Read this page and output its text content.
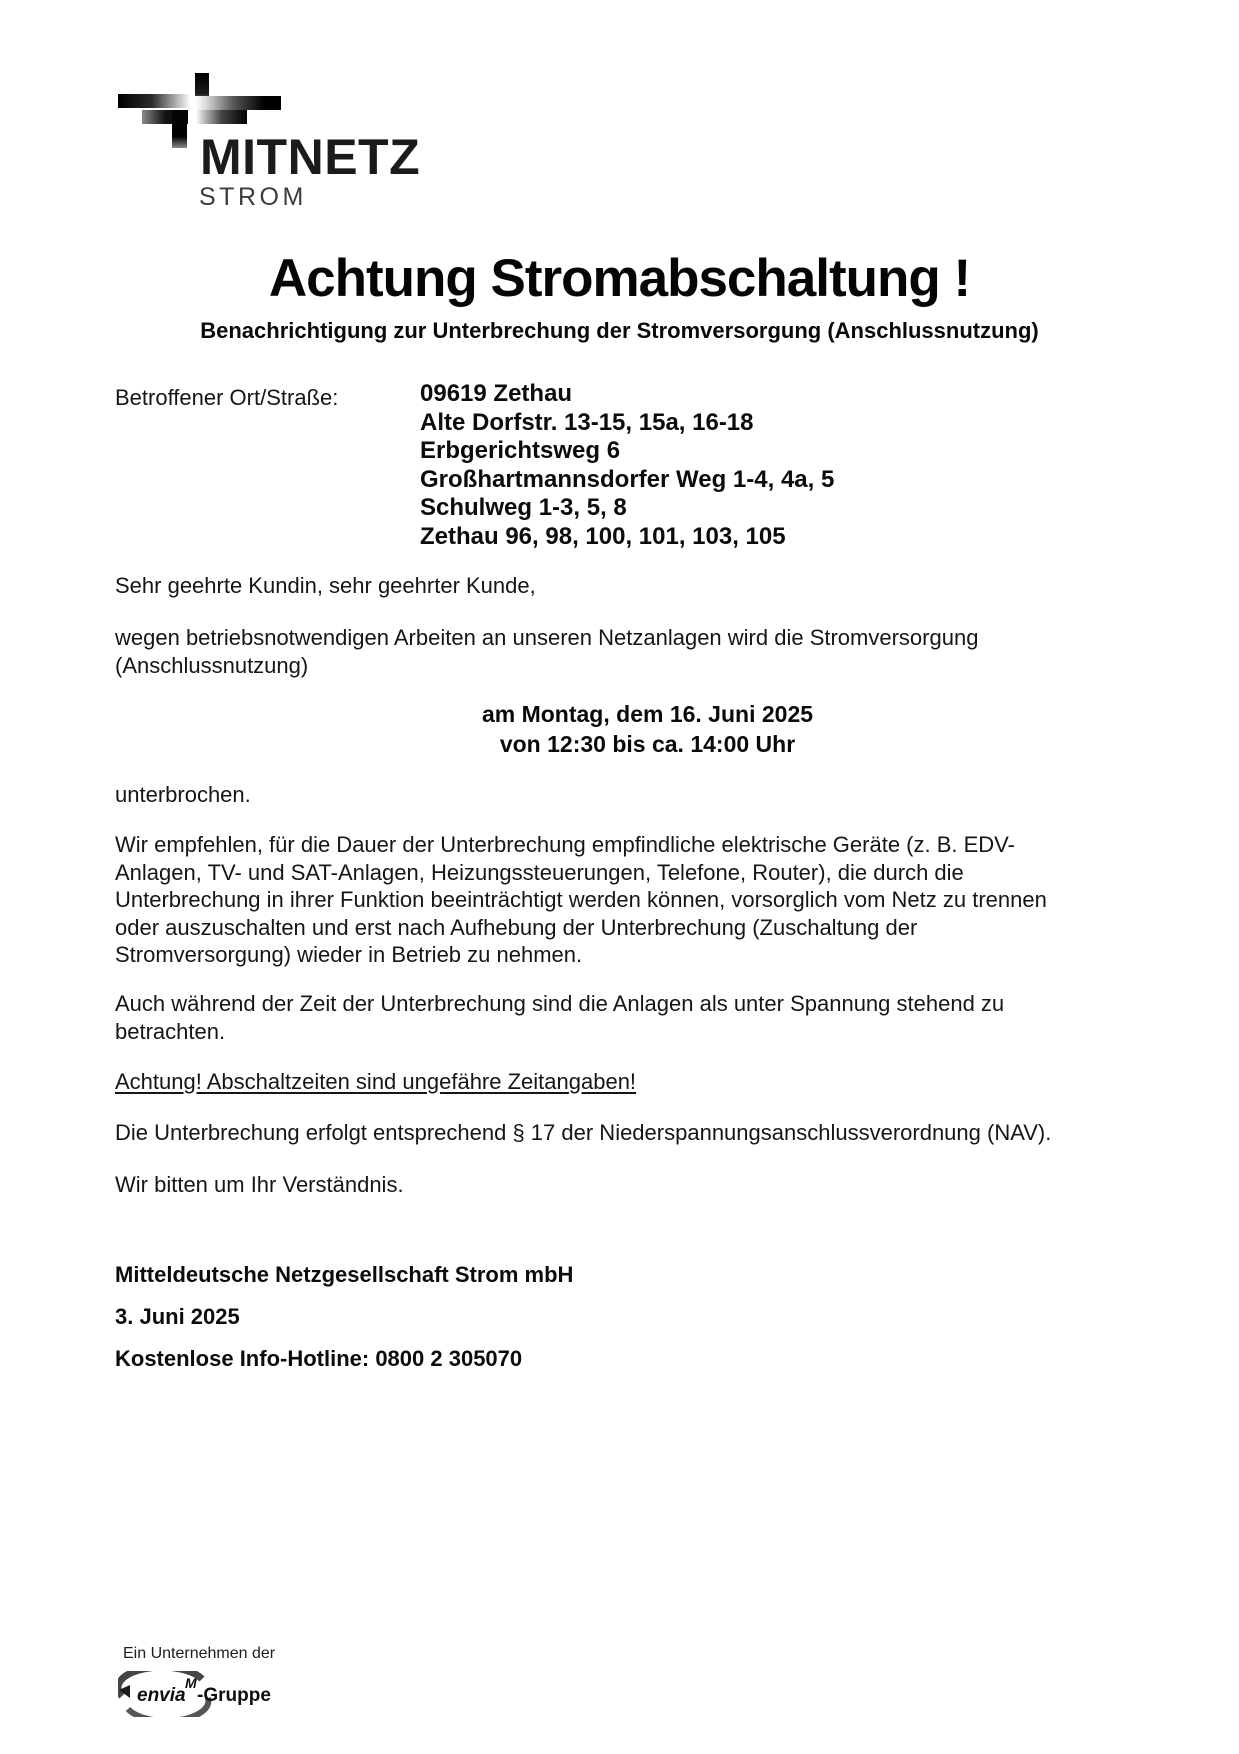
MITNETZ
STROM
Achtung Stromabschaltung !
Benachrichtigung zur Unterbrechung der Stromversorgung (Anschlussnutzung)
Betroffener Ort/Straße:	09619 Zethau
Alte Dorfstr. 13-15, 15a, 16-18
Erbgerichtsweg 6
Großhartmannsdorfer Weg 1-4, 4a, 5
Schulweg 1-3, 5, 8
Zethau 96, 98, 100, 101, 103, 105
Sehr geehrte Kundin, sehr geehrter Kunde,
wegen betriebsnotwendigen Arbeiten an unseren Netzanlagen wird die Stromversorgung (Anschlussnutzung)
am Montag, dem 16. Juni 2025
von 12:30 bis ca. 14:00 Uhr
unterbrochen.
Wir empfehlen, für die Dauer der Unterbrechung empfindliche elektrische Geräte (z. B. EDV-Anlagen, TV- und SAT-Anlagen, Heizungssteuerungen, Telefone, Router), die durch die Unterbrechung in ihrer Funktion beeinträchtigt werden können, vorsorglich vom Netz zu trennen oder auszuschalten und erst nach Aufhebung der Unterbrechung (Zuschaltung der Stromversorgung) wieder in Betrieb zu nehmen.
Auch während der Zeit der Unterbrechung sind die Anlagen als unter Spannung stehend zu betrachten.
Achtung! Abschaltzeiten sind ungefähre Zeitangaben!
Die Unterbrechung erfolgt entsprechend § 17 der Niederspannungsanschlussverordnung (NAV).
Wir bitten um Ihr Verständnis.
Mitteldeutsche Netzgesellschaft Strom mbH
3. Juni 2025
Kostenlose Info-Hotline: 0800 2 305070
Ein Unternehmen der
envia
M
-Gruppe
